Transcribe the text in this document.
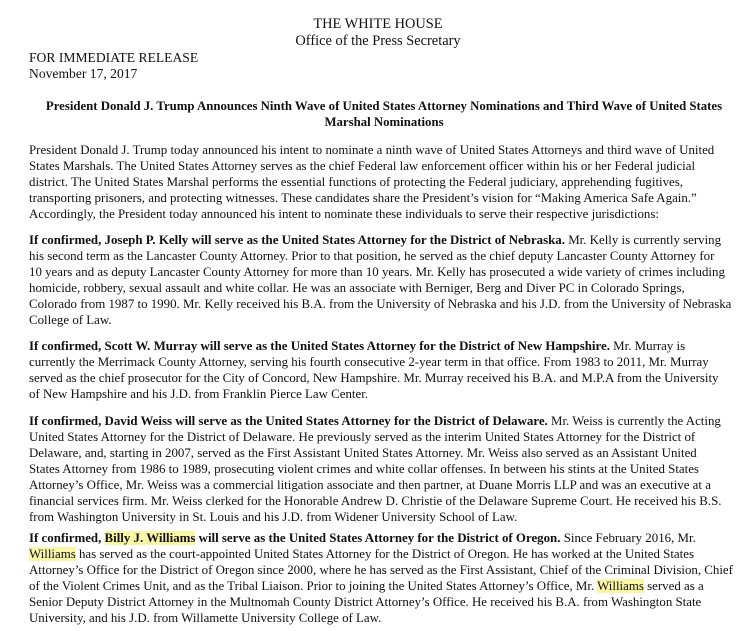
THE WHITE HOUSE
Office of the Press Secretary
FOR IMMEDIATE RELEASE
November 17, 2017
President Donald J. Trump Announces Ninth Wave of United States Attorney Nominations and Third Wave of United States
Marshal Nominations
President Donald J. Trump today announced his intent to nominate a ninth wave of United States Attorneys and third wave of United
States Marshals. The United States Attorney serves as the chief Federal law enforcement officer within his or her Federal judicial
district. The United States Marshal performs the essential functions of protecting the Federal judiciary, apprehending fugitives,
transporting prisoners, and protecting witnesses. These candidates share the President’s vision for “Making America Safe Again.”
Accordingly, the President today announced his intent to nominate these individuals to serve their respective jurisdictions:
If confirmed, Joseph P. Kelly will serve as the United States Attorney for the District of Nebraska. Mr. Kelly is currently serving
his second term as the Lancaster County Attorney. Prior to that position, he served as the chief deputy Lancaster County Attorney for
10 years and as deputy Lancaster County Attorney for more than 10 years. Mr. Kelly has prosecuted a wide variety of crimes including
homicide, robbery, sexual assault and white collar. He was an associate with Berniger, Berg and Diver PC in Colorado Springs,
Colorado from 1987 to 1990. Mr. Kelly received his B.A. from the University of Nebraska and his J.D. from the University of Nebraska
College of Law.
If confirmed, Scott W. Murray will serve as the United States Attorney for the District of New Hampshire. Mr. Murray is
currently the Merrimack County Attorney, serving his fourth consecutive 2-year term in that office. From 1983 to 2011, Mr. Murray
served as the chief prosecutor for the City of Concord, New Hampshire. Mr. Murray received his B.A. and M.P.A from the University
of New Hampshire and his J.D. from Franklin Pierce Law Center.
If confirmed, David Weiss will serve as the United States Attorney for the District of Delaware. Mr. Weiss is currently the Acting
United States Attorney for the District of Delaware. He previously served as the interim United States Attorney for the District of
Delaware, and, starting in 2007, served as the First Assistant United States Attorney. Mr. Weiss also served as an Assistant United
States Attorney from 1986 to 1989, prosecuting violent crimes and white collar offenses. In between his stints at the United States
Attorney’s Office, Mr. Weiss was a commercial litigation associate and then partner, at Duane Morris LLP and was an executive at a
financial services firm. Mr. Weiss clerked for the Honorable Andrew D. Christie of the Delaware Supreme Court. He received his B.S.
from Washington University in St. Louis and his J.D. from Widener University School of Law.
If confirmed, Billy J. Williams will serve as the United States Attorney for the District of Oregon. Since February 2016, Mr.
Williams has served as the court-appointed United States Attorney for the District of Oregon. He has worked at the United States
Attorney’s Office for the District of Oregon since 2000, where he has served as the First Assistant, Chief of the Criminal Division, Chief
of the Violent Crimes Unit, and as the Tribal Liaison. Prior to joining the United States Attorney’s Office, Mr. Williams served as a
Senior Deputy District Attorney in the Multnomah County District Attorney’s Office. He received his B.A. from Washington State
University, and his J.D. from Willamette University College of Law.
